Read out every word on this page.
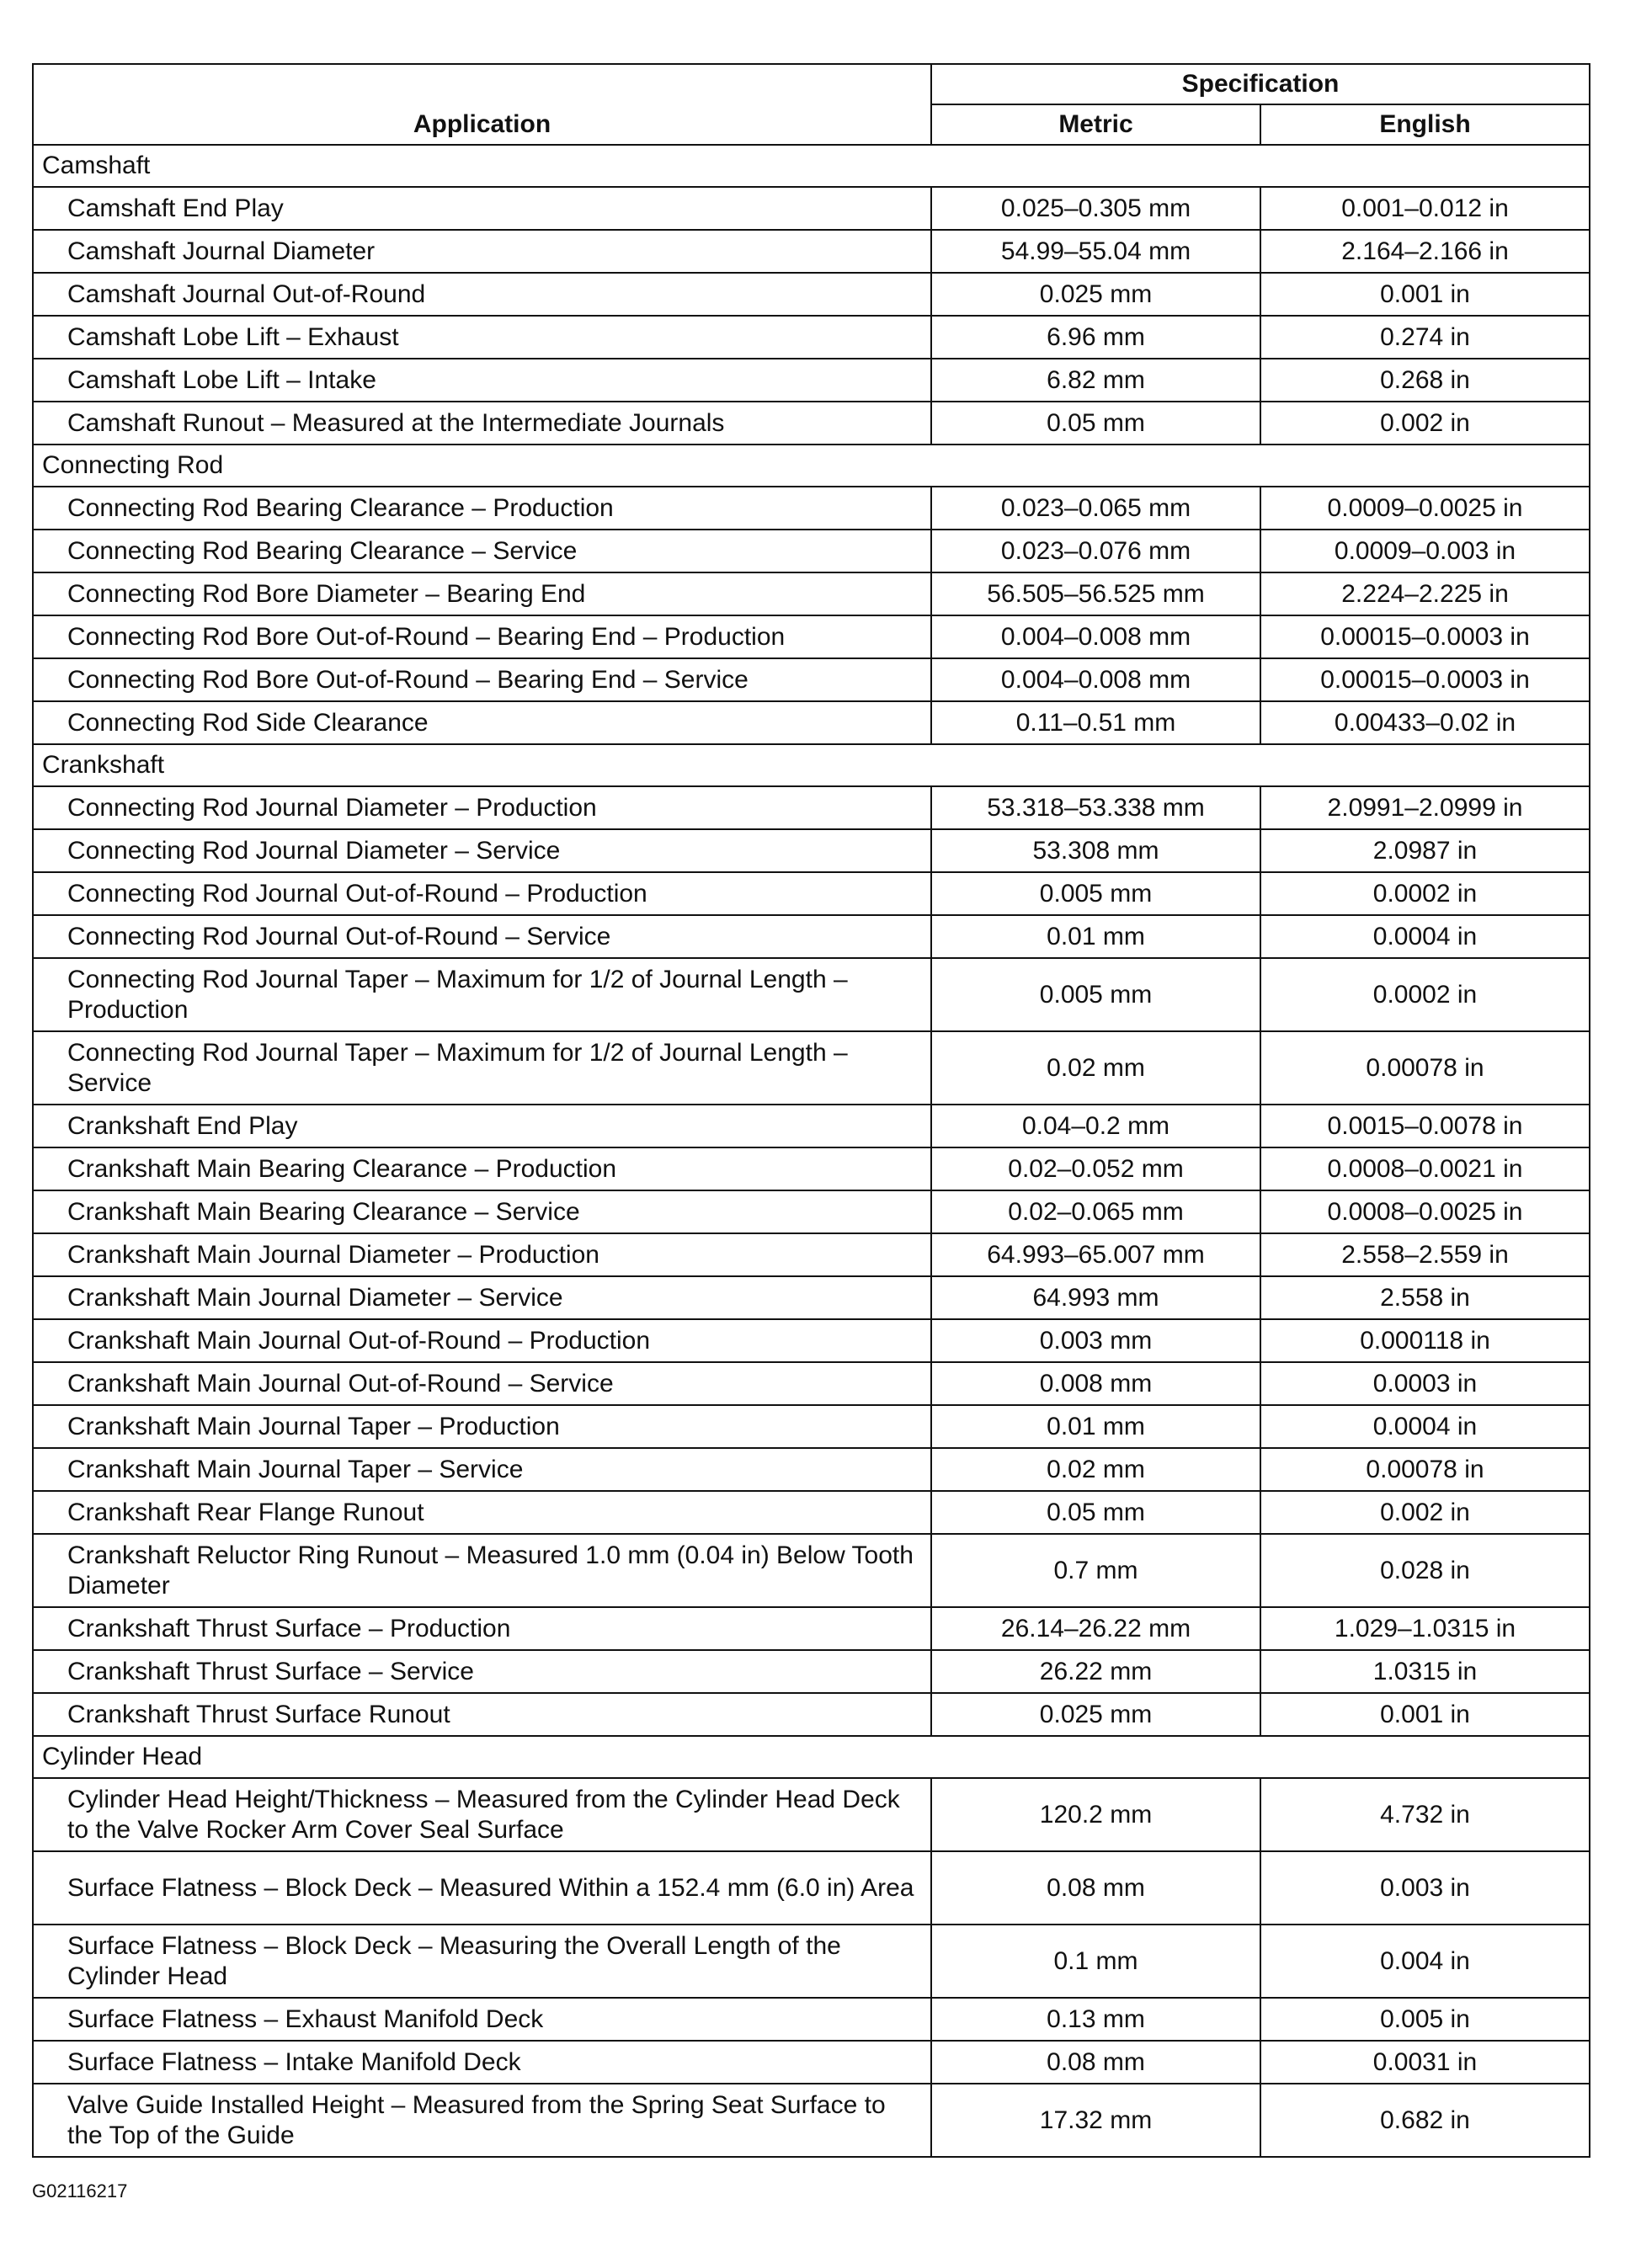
Application	Specification	
	Metric	English
Camshaft		
Camshaft End Play	0.025–0.305 mm	0.001–0.012 in
Camshaft Journal Diameter	54.99–55.04 mm	2.164–2.166 in
Camshaft Journal Out-of-Round	0.025 mm	0.001 in
Camshaft Lobe Lift – Exhaust	6.96 mm	0.274 in
Camshaft Lobe Lift – Intake	6.82 mm	0.268 in
Camshaft Runout – Measured at the Intermediate Journals	0.05 mm	0.002 in
Connecting Rod		
Connecting Rod Bearing Clearance – Production	0.023–0.065 mm	0.0009–0.0025 in
Connecting Rod Bearing Clearance – Service	0.023–0.076 mm	0.0009–0.003 in
Connecting Rod Bore Diameter – Bearing End	56.505–56.525 mm	2.224–2.225 in
Connecting Rod Bore Out-of-Round – Bearing End – Production	0.004–0.008 mm	0.00015–0.0003 in
Connecting Rod Bore Out-of-Round – Bearing End – Service	0.004–0.008 mm	0.00015–0.0003 in
Connecting Rod Side Clearance	0.11–0.51 mm	0.00433–0.02 in
Crankshaft		
Connecting Rod Journal Diameter – Production	53.318–53.338 mm	2.0991–2.0999 in
Connecting Rod Journal Diameter – Service	53.308 mm	2.0987 in
Connecting Rod Journal Out-of-Round – Production	0.005 mm	0.0002 in
Connecting Rod Journal Out-of-Round – Service	0.01 mm	0.0004 in
Connecting Rod Journal Taper – Maximum for 1/2 of Journal Length – Production	0.005 mm	0.0002 in
Connecting Rod Journal Taper – Maximum for 1/2 of Journal Length – Service	0.02 mm	0.00078 in
Crankshaft End Play	0.04–0.2 mm	0.0015–0.0078 in
Crankshaft Main Bearing Clearance – Production	0.02–0.052 mm	0.0008–0.0021 in
Crankshaft Main Bearing Clearance – Service	0.02–0.065 mm	0.0008–0.0025 in
Crankshaft Main Journal Diameter – Production	64.993–65.007 mm	2.558–2.559 in
Crankshaft Main Journal Diameter – Service	64.993 mm	2.558 in
Crankshaft Main Journal Out-of-Round – Production	0.003 mm	0.000118 in
Crankshaft Main Journal Out-of-Round – Service	0.008 mm	0.0003 in
Crankshaft Main Journal Taper – Production	0.01 mm	0.0004 in
Crankshaft Main Journal Taper – Service	0.02 mm	0.00078 in
Crankshaft Rear Flange Runout	0.05 mm	0.002 in
Crankshaft Reluctor Ring Runout – Measured 1.0 mm (0.04 in) Below Tooth Diameter	0.7 mm	0.028 in
Crankshaft Thrust Surface – Production	26.14–26.22 mm	1.029–1.0315 in
Crankshaft Thrust Surface – Service	26.22 mm	1.0315 in
Crankshaft Thrust Surface Runout	0.025 mm	0.001 in
Cylinder Head		
Cylinder Head Height/Thickness – Measured from the Cylinder Head Deck to the Valve Rocker Arm Cover Seal Surface	120.2 mm	4.732 in
Surface Flatness – Block Deck – Measured Within a 152.4 mm (6.0 in) Area	0.08 mm	0.003 in
Surface Flatness – Block Deck – Measuring the Overall Length of the Cylinder Head	0.1 mm	0.004 in
Surface Flatness – Exhaust Manifold Deck	0.13 mm	0.005 in
Surface Flatness – Intake Manifold Deck	0.08 mm	0.0031 in
Valve Guide Installed Height – Measured from the Spring Seat Surface to the Top of the Guide	17.32 mm	0.682 in
G02116217
